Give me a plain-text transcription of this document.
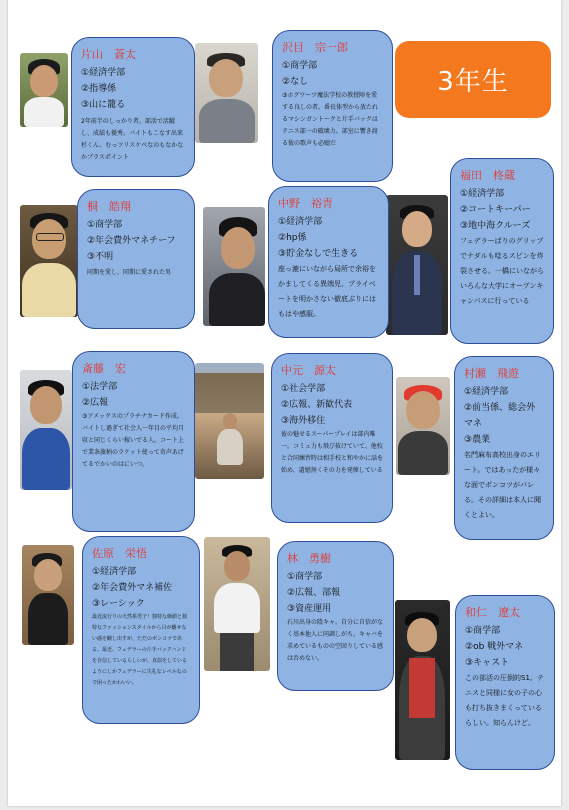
3年生

片山　蒼太

①経済学部

②指導係

③山に籠る

2年前半のしっかり者。部活で活躍し、成績も優秀。バイトもこなす出来杉くん。むっツリスケベなのもなかなかプラスポイント

沢目　宗一郎

①商学部

②なし

③ホグワーツ魔法学校の教授陣を愛する良しの者。番長体型から放たれるマシンガントークと片手バックはテニス部一の破壊力。部室に響き渡る彼の歌声も必聴だ

福田　柊蔵

①経済学部

②コートキーパー

③地中海クルーズ

フェデラーばりのグリップでナダルも唸るスピンを炸裂させる。一橋にいながらいろんな大学にオープンキャンパスに行っている

桐　皓翔

①商学部

②年会費外マネチーフ

③不明

同期を愛し、同期に愛された男

中野　裕青

①経済学部

②hp係

③貯金なしで生きる

座っ漉にいながら局所で余裕をかましてくる異端児。プライベートを明かさない徹底ぶりにはもはや感服。

斎藤　宏

①法学部

②広報

③アメックスのプラチナカード作成。バイトし過ぎて社会人一年目の平均月収と同じくらい稼いでる人。コート上で業条旗柄のラケット使って奇声あげてるでかいのはにいつ。

中元　源太

①社会学部

②広報、新歓代表

③海外移住

彼の魅せるスーパープレイは部内唯一。コミュ力も飛び抜けていて、他校と合同練習時は相手校と和やかに話を始め、遺憾無くその力を発揮している

村瀬　飛遊

①経済学部

②前当係、総会外マネ

③農業

名門麻布高校出身のエリート。ではあったが様々な面でポンコツがバレる。その詳細は本人に聞くとよい。

佐原　栄悟

①経済学部

②年会費外マネ補佐

③レーシック

最近流行りの天然系男子！独特な価値と独特なファッションスタイルから目が離せない感を醸し出すが、ただのポンコツである。最近、フェデラーの片手バックハンドを自信しているらしいが、真似をしているようにしかフェデラーに失礼なレベルなので困ったかわいい。

林　勇樹

①商学部

②広報、部報

③資産運用

石川出身の陰キャ。自分に自信がなく基本他人に同調しがち。キャバを求めているものの空回りしている感は否めない。

和仁　遼太

①商学部

②ob 戦外マネ

③キャスト

この部活の圧倒的S1。テニスと同様に女の子の心も打ち抜きまくっているらしい。知らんけど。
